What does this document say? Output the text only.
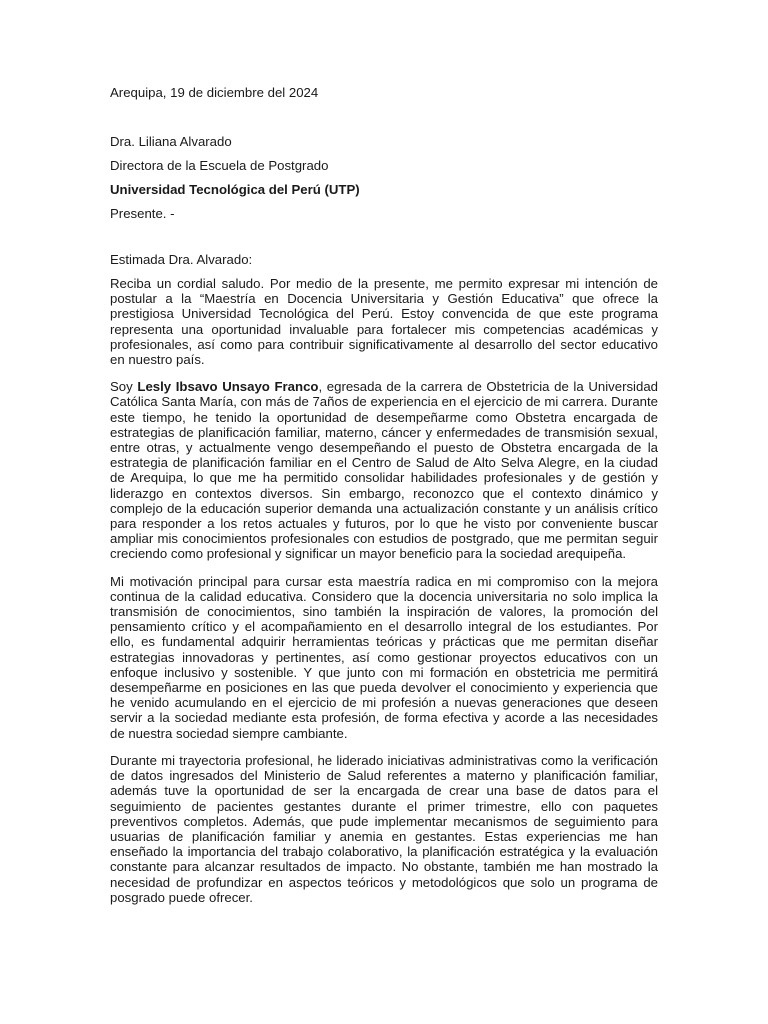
Arequipa, 19 de diciembre del 2024

Dra. Liliana Alvarado

Directora de la Escuela de Postgrado

Universidad Tecnológica del Perú (UTP)

Presente. -

Estimada Dra. Alvarado:

Reciba un cordial saludo. Por medio de la presente, me permito expresar mi intención de postular a la “Maestría en Docencia Universitaria y Gestión Educativa” que ofrece la prestigiosa Universidad Tecnológica del Perú. Estoy convencida de que este programa representa una oportunidad invaluable para fortalecer mis competencias académicas y profesionales, así como para contribuir significativamente al desarrollo del sector educativo en nuestro país.

Soy Lesly Ibsavo Unsayo Franco, egresada de la carrera de Obstetricia de la Universidad Católica Santa María, con más de 7años de experiencia en el ejercicio de mi carrera. Durante este tiempo, he tenido la oportunidad de desempeñarme como Obstetra encargada de estrategias de planificación familiar, materno, cáncer y enfermedades de transmisión sexual, entre otras, y actualmente vengo desempeñando el puesto de Obstetra encargada de la estrategia de planificación familiar en el Centro de Salud de Alto Selva Alegre, en la ciudad de Arequipa, lo que me ha permitido consolidar habilidades profesionales y de gestión y liderazgo en contextos diversos. Sin embargo, reconozco que el contexto dinámico y complejo de la educación superior demanda una actualización constante y un análisis crítico para responder a los retos actuales y futuros, por lo que he visto por conveniente buscar ampliar mis conocimientos profesionales con estudios de postgrado, que me permitan seguir creciendo como profesional y significar un mayor beneficio para la sociedad arequipeña.

Mi motivación principal para cursar esta maestría radica en mi compromiso con la mejora continua de la calidad educativa. Considero que la docencia universitaria no solo implica la transmisión de conocimientos, sino también la inspiración de valores, la promoción del pensamiento crítico y el acompañamiento en el desarrollo integral de los estudiantes. Por ello, es fundamental adquirir herramientas teóricas y prácticas que me permitan diseñar estrategias innovadoras y pertinentes, así como gestionar proyectos educativos con un enfoque inclusivo y sostenible. Y que junto con mi formación en obstetricia me permitirá desempeñarme en posiciones en las que pueda devolver el conocimiento y experiencia que he venido acumulando en el ejercicio de mi profesión a nuevas generaciones que deseen servir a la sociedad mediante esta profesión, de forma efectiva y acorde a las necesidades de nuestra sociedad siempre cambiante.

Durante mi trayectoria profesional, he liderado iniciativas administrativas como la verificación de datos ingresados del Ministerio de Salud referentes a materno y planificación familiar, además tuve la oportunidad de ser la encargada de crear una base de datos para el seguimiento de pacientes gestantes durante el primer trimestre, ello con paquetes preventivos completos. Además, que pude implementar mecanismos de seguimiento para usuarias de planificación familiar y anemia en gestantes. Estas experiencias me han enseñado la importancia del trabajo colaborativo, la planificación estratégica y la evaluación constante para alcanzar resultados de impacto. No obstante, también me han mostrado la necesidad de profundizar en aspectos teóricos y metodológicos que solo un programa de posgrado puede ofrecer.
